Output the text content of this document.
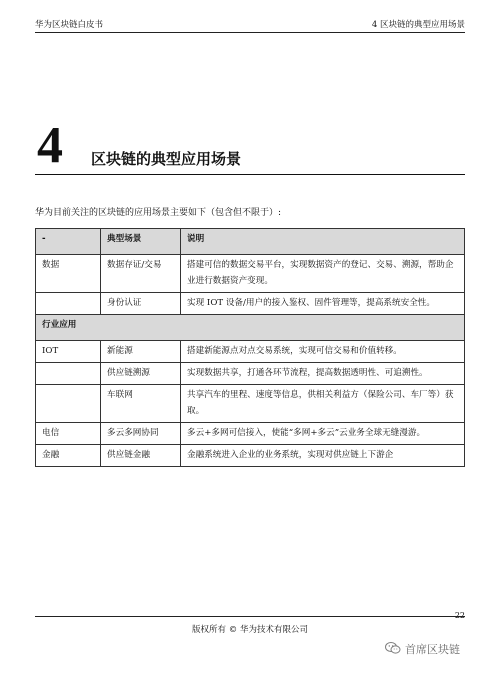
华为区块链白皮书	4 区块链的典型应用场景
4 区块链的典型应用场景
华为目前关注的区块链的应用场景主要如下（包含但不限于）:
-	典型场景	说明
数据	数据存证/交易	搭建可信的数据交易平台，实现数据资产的登记、交易、溯源，帮助企业进行数据资产变现。
	身份认证	实现 IOT 设备/用户的接入鉴权、固件管理等，提高系统安全性。
行业应用		
IOT	新能源	搭建新能源点对点交易系统，实现可信交易和价值转移。
	供应链溯源	实现数据共享，打通各环节流程，提高数据透明性、可追溯性。
	车联网	共享汽车的里程、速度等信息，供相关利益方（保险公司、车厂等）获取。
电信	多云多网协同	多云+多网可信接入，使能“多网+多云”云业务全球无缝漫游。
金融	供应链金融	金融系统进入企业的业务系统，实现对供应链上下游企
22
版权所有 © 华为技术有限公司
首席区块链
